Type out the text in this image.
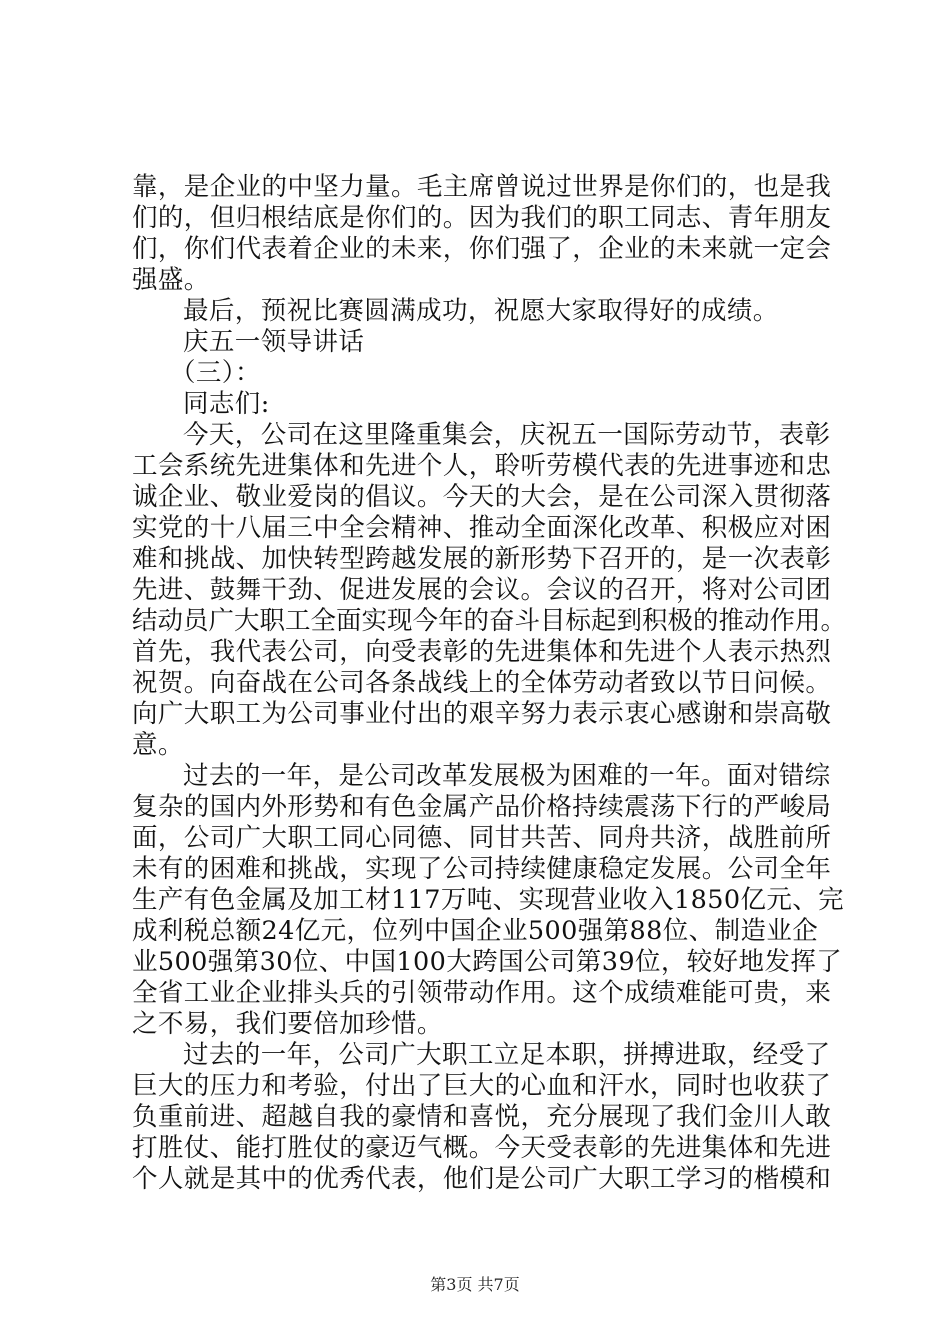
靠，是企业的中坚力量。毛主席曾说过世界是你们的，也是我
们的，但归根结底是你们的。因为我们的职工同志、青年朋友
们，你们代表着企业的未来，你们强了，企业的未来就一定会
强盛。
最后，预祝比赛圆满成功，祝愿大家取得好的成绩。
庆五一领导讲话
（三）：
同志们:
今天，公司在这里隆重集会，庆祝五一国际劳动节，表彰
工会系统先进集体和先进个人，聆听劳模代表的先进事迹和忠
诚企业、敬业爱岗的倡议。今天的大会，是在公司深入贯彻落
实党的十八届三中全会精神、推动全面深化改革、积极应对困
难和挑战、加快转型跨越发展的新形势下召开的，是一次表彰
先进、鼓舞干劲、促进发展的会议。会议的召开，将对公司团
结动员广大职工全面实现今年的奋斗目标起到积极的推动作用。
首先，我代表公司，向受表彰的先进集体和先进个人表示热烈
祝贺。向奋战在公司各条战线上的全体劳动者致以节日问候。
向广大职工为公司事业付出的艰辛努力表示衷心感谢和崇高敬
意。
过去的一年，是公司改革发展极为困难的一年。面对错综
复杂的国内外形势和有色金属产品价格持续震荡下行的严峻局
面，公司广大职工同心同德、同甘共苦、同舟共济，战胜前所
未有的困难和挑战，实现了公司持续健康稳定发展。公司全年
生产有色金属及加工材117万吨、实现营业收入1850亿元、完
成利税总额24亿元，位列中国企业500强第88位、制造业企
业500强第30位、中国100大跨国公司第39位，较好地发挥了
全省工业企业排头兵的引领带动作用。这个成绩难能可贵，来
之不易，我们要倍加珍惜。
过去的一年，公司广大职工立足本职，拼搏进取，经受了
巨大的压力和考验，付出了巨大的心血和汗水，同时也收获了
负重前进、超越自我的豪情和喜悦，充分展现了我们金川人敢
打胜仗、能打胜仗的豪迈气概。今天受表彰的先进集体和先进
个人就是其中的优秀代表，他们是公司广大职工学习的楷模和
第3页 共7页
